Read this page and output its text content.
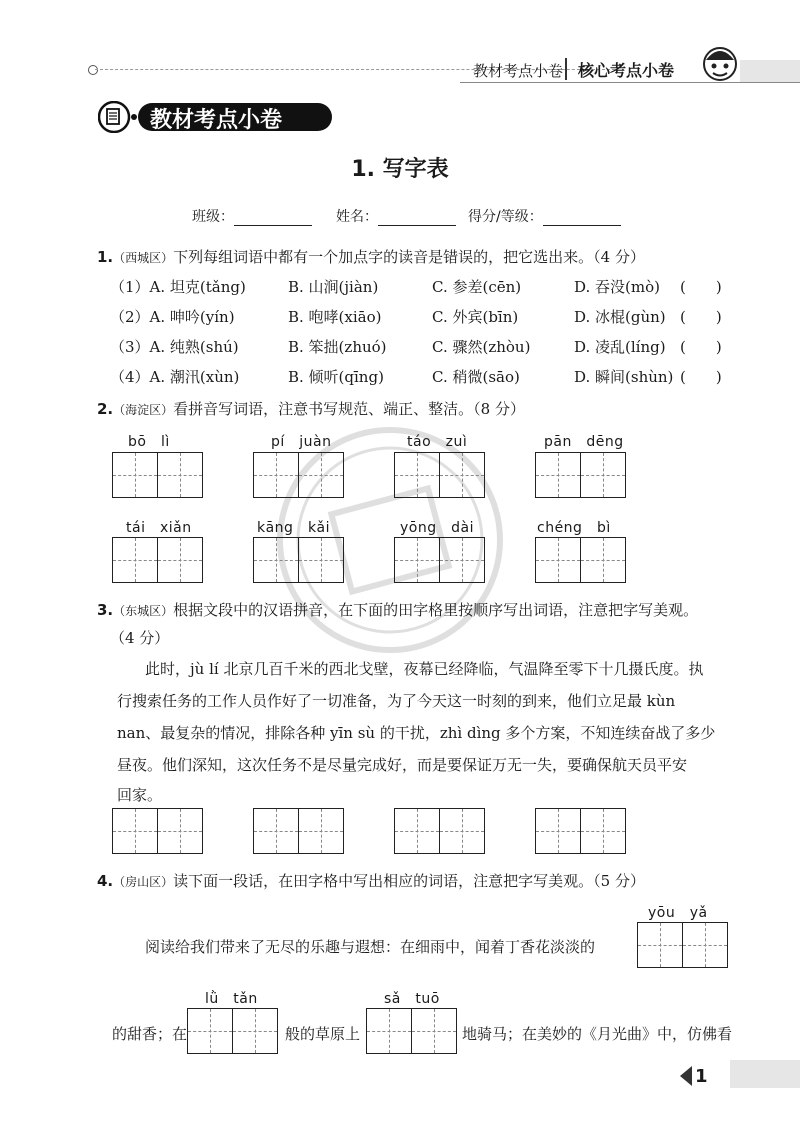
教材考点小卷 核心考点小卷
教材考点小卷
1. 写字表
班级：	姓名：	得分/等级：
1.（西城区）下列每组词语中都有一个加点字的读音是错误的，把它选出来。（4 分）
（1）A. 坦克(tǎng)	B. 山涧(jiàn)	C. 参差(cēn)	D. 吞没(mò) (　　)
（2）A. 呻吟(yín)	B. 咆哮(xiāo)	C. 外宾(bīn)	D. 冰棍(gùn) (　　)
（3）A. 纯熟(shú)	B. 笨拙(zhuó)	C. 骤然(zhòu)	D. 凌乱(líng) (　　)
（4）A. 潮汛(xùn)	B. 倾听(qīng)	C. 稍微(sāo)	D. 瞬间(shùn) (　　)
2.（海淀区）看拼音写词语，注意书写规范、端正、整洁。（8 分）
bō　lì	pí　juàn	táo　zuì	pān　dēng
tái　xiǎn	kāng　kǎi	yōng　dài	chéng　bì
3.（东城区）根据文段中的汉语拼音，在下面的田字格里按顺序写出词语，注意把字写美观。
（4 分）
此时，jù lí 北京几百千米的西北戈壁，夜幕已经降临，气温降至零下十几摄氏度。执
行搜索任务的工作人员作好了一切准备，为了今天这一时刻的到来，他们立足最 kùn
nan、最复杂的情况，排除各种 yīn sù 的干扰，zhì dìng 多个方案，不知连续奋战了多少
昼夜。他们深知，这次任务不是尽量完成好，而是要保证万无一失，要确保航天员平安
回家。
4.（房山区）读下面一段话，在田字格中写出相应的词语，注意把字写美观。（5 分）
yōu　yǎ
阅读给我们带来了无尽的乐趣与遐想：在细雨中，闻着丁香花淡淡的
lǜ　tǎn	sǎ　tuō
的甜香；在	般的草原上	地骑马；在美妙的《月光曲》中，仿佛看
1
